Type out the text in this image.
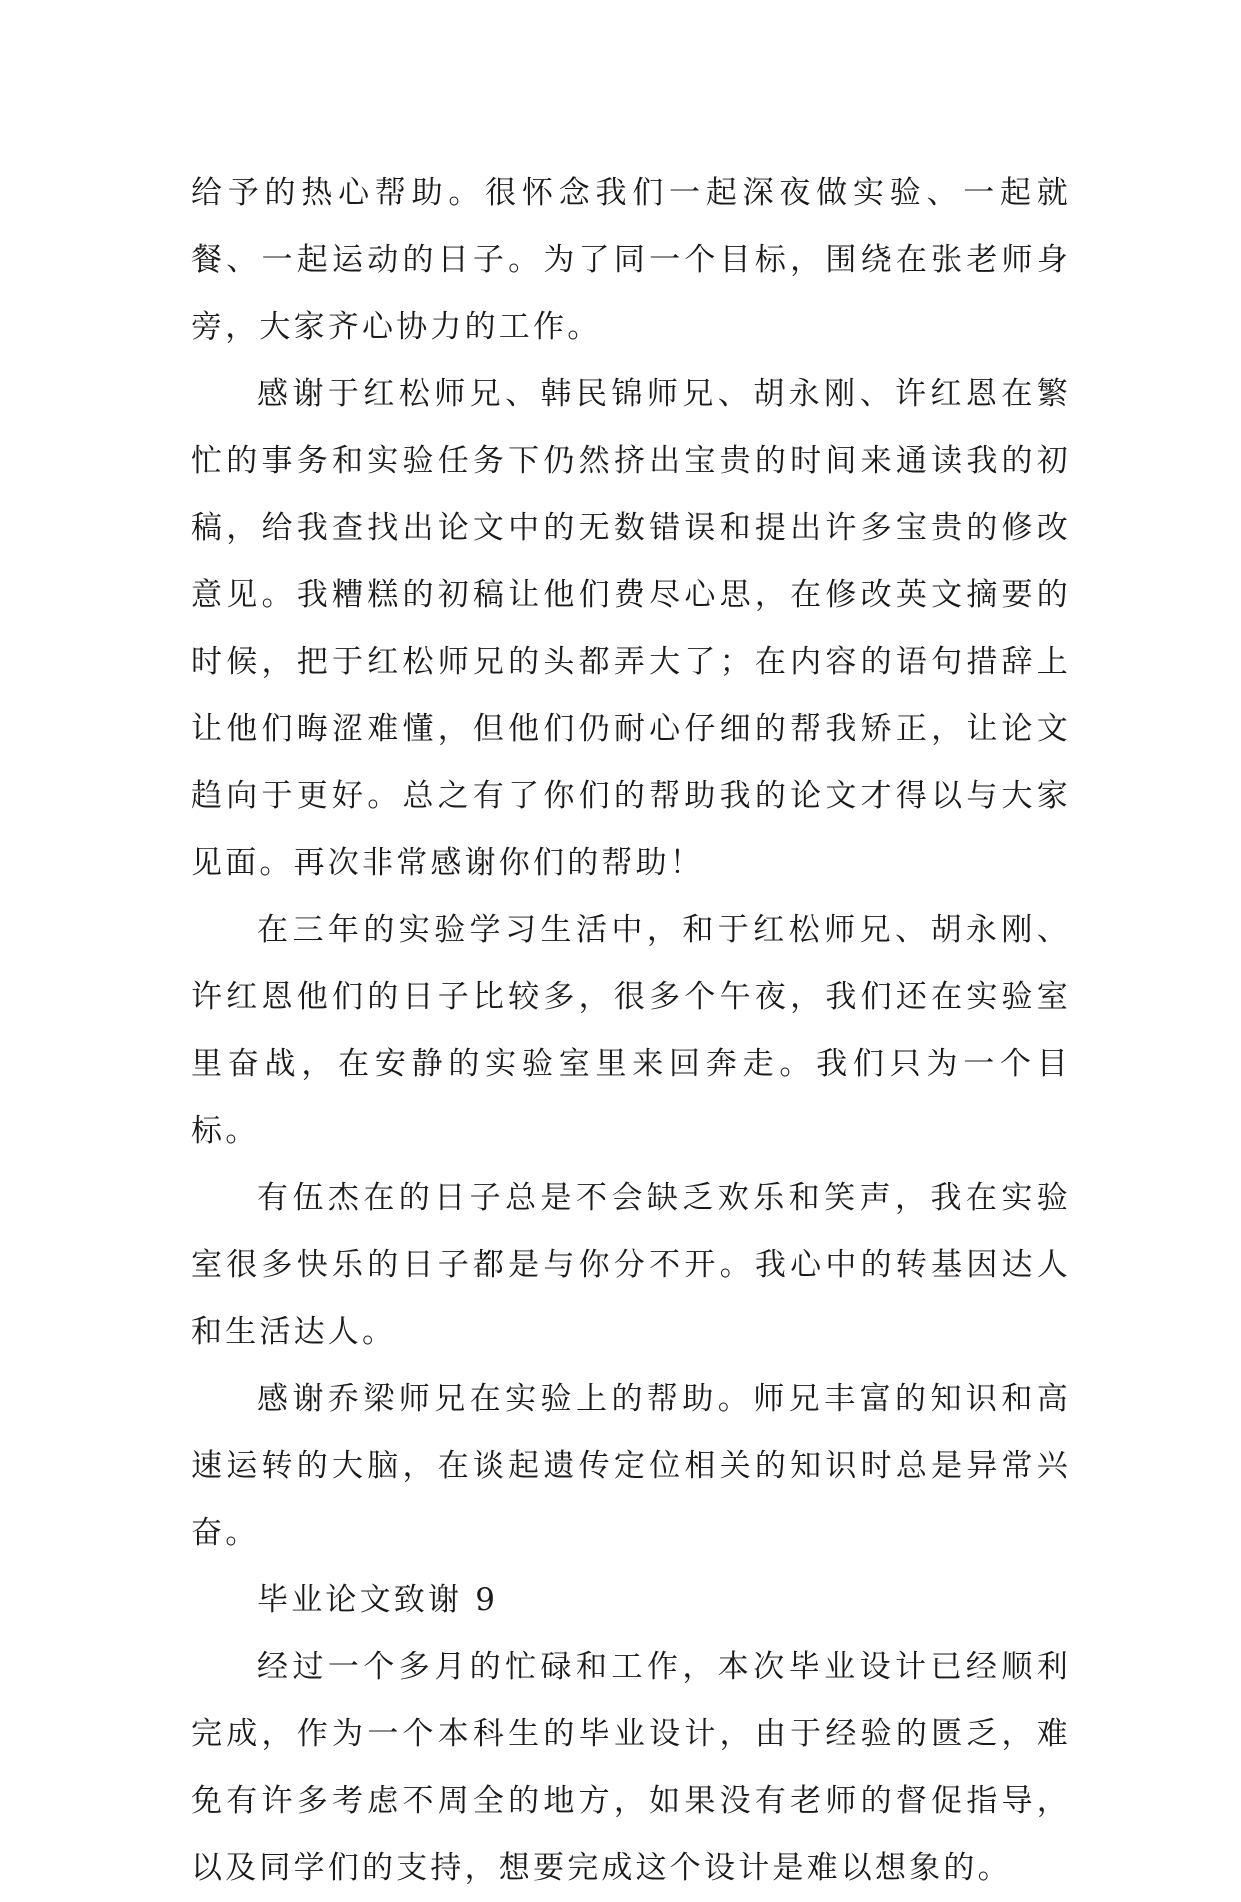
给予的热心帮助。很怀念我们一起深夜做实验、一起就餐、一起运动的日子。为了同一个目标，围绕在张老师身旁，大家齐心协力的工作。

感谢于红松师兄、韩民锦师兄、胡永刚、许红恩在繁忙的事务和实验任务下仍然挤出宝贵的时间来通读我的初稿，给我查找出论文中的无数错误和提出许多宝贵的修改意见。我糟糕的初稿让他们费尽心思，在修改英文摘要的时候，把于红松师兄的头都弄大了；在内容的语句措辞上让他们晦涩难懂，但他们仍耐心仔细的帮我矫正，让论文趋向于更好。总之有了你们的帮助我的论文才得以与大家见面。再次非常感谢你们的帮助！

在三年的实验学习生活中，和于红松师兄、胡永刚、许红恩他们的日子比较多，很多个午夜，我们还在实验室里奋战，在安静的实验室里来回奔走。我们只为一个目标。

有伍杰在的日子总是不会缺乏欢乐和笑声，我在实验室很多快乐的日子都是与你分不开。我心中的转基因达人和生活达人。

感谢乔梁师兄在实验上的帮助。师兄丰富的知识和高速运转的大脑，在谈起遗传定位相关的知识时总是异常兴奋。

毕业论文致谢 9

经过一个多月的忙碌和工作，本次毕业设计已经顺利完成，作为一个本科生的毕业设计，由于经验的匮乏，难免有许多考虑不周全的地方，如果没有老师的督促指导，以及同学们的支持，想要完成这个设计是难以想象的。
